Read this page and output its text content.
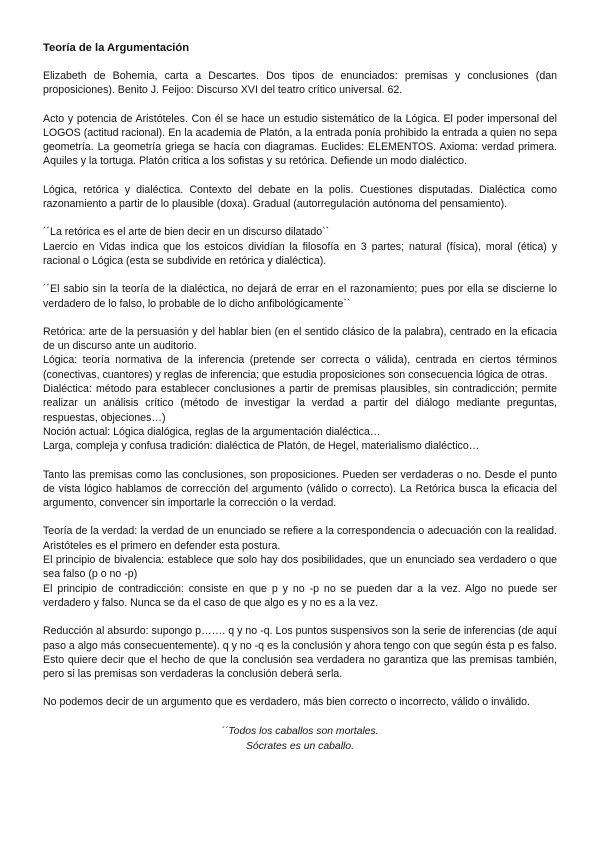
Teoría de la Argumentación
Elizabeth de Bohemia, carta a Descartes. Dos tipos de enunciados: premisas y conclusiones (dan proposiciones). Benito J. Feijoo: Discurso XVI del teatro crítico universal. 62.
Acto y potencia de Aristóteles. Con él se hace un estudio sistemático de la Lógica. El poder impersonal del LOGOS (actitud racional). En la academia de Platón, a la entrada ponía prohibido la entrada a quien no sepa geometría. La geometría griega se hacía con diagramas. Euclides: ELEMENTOS. Axioma: verdad primera. Aquiles y la tortuga. Platón critica a los sofistas y su retórica. Defiende un modo dialéctico.
Lógica, retórica y dialéctica. Contexto del debate en la polis. Cuestiones disputadas. Dialéctica como razonamiento a partir de lo plausible (doxa). Gradual (autorregulación autónoma del pensamiento).
´´La retórica es el arte de bien decir en un discurso dilatado``
Laercio en Vidas indica que los estoicos dividían la filosofía en 3 partes; natural (física), moral (ética) y racional o Lógica (esta se subdivide en retórica y dialéctica).
´´El sabio sin la teoría de la dialéctica, no dejará de errar en el razonamiento; pues por ella se discierne lo verdadero de lo falso, lo probable de lo dicho anfibológicamente``
Retórica: arte de la persuasión y del hablar bien (en el sentido clásico de la palabra), centrado en la eficacia de un discurso ante un auditorio.
Lógica: teoría normativa de la inferencia (pretende ser correcta o válida), centrada en ciertos términos (conectivas, cuantores) y reglas de inferencia; que estudia proposiciones son consecuencia lógica de otras.
Dialéctica: método para establecer conclusiones a partir de premisas plausibles, sin contradicción; permite realizar un análisis crítico (método de investigar la verdad a partir del diálogo mediante preguntas, respuestas, objeciones…)
Noción actual: Lógica dialógica, reglas de la argumentación dialéctica…
Larga, compleja y confusa tradición: dialéctica de Platón, de Hegel, materialismo dialéctico…
Tanto las premisas como las conclusiones, son proposiciones. Pueden ser verdaderas o no. Desde el punto de vista lógico hablamos de corrección del argumento (válido o correcto). La Retórica busca la eficacia del argumento, convencer sin importarle la corrección o la verdad.
Teoría de la verdad: la verdad de un enunciado se refiere a la correspondencia o adecuación con la realidad. Aristóteles es el primero en defender esta postura.
El principio de bivalencia: establece que solo hay dos posibilidades, que un enunciado sea verdadero o que sea falso (p o no -p)
El principio de contradicción: consiste en que p y no -p no se pueden dar a la vez. Algo no puede ser verdadero y falso. Nunca se da el caso de que algo es y no es a la vez.
Reducción al absurdo: supongo p……. q y no -q. Los puntos suspensivos son la serie de inferencias (de aquí paso a algo más consecuentemente). q y no -q es la conclusión y ahora tengo con que según ésta p es falso. Esto quiere decir que el hecho de que la conclusión sea verdadera no garantiza que las premisas también, pero si las premisas son verdaderas la conclusión deberá serla.
No podemos decir de un argumento que es verdadero, más bien correcto o incorrecto, válido o inválido.
´´Todos los caballos son mortales.
Sócrates es un caballo.
